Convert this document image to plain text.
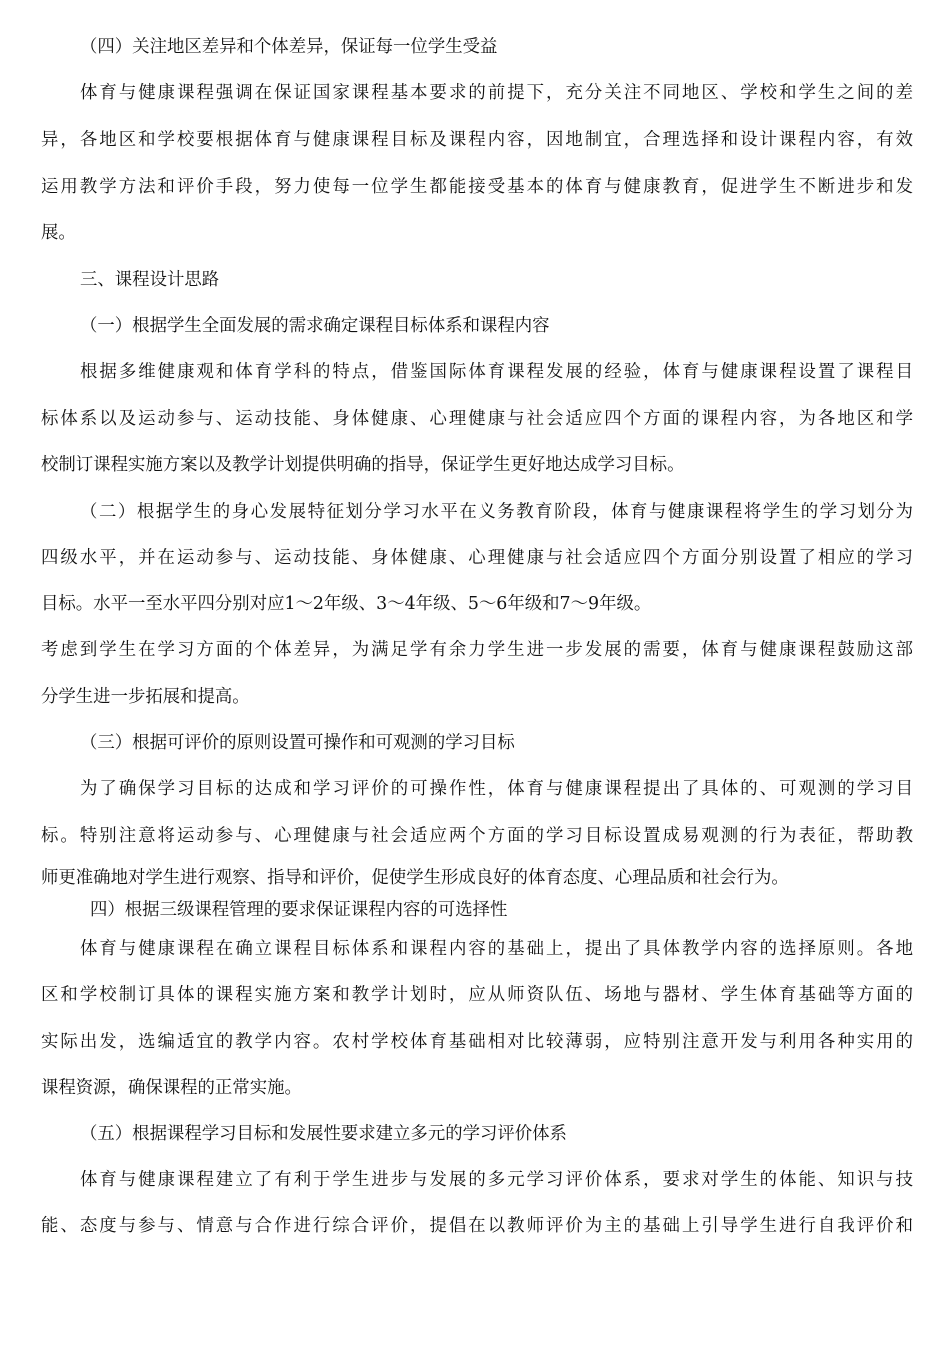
（四）关注地区差异和个体差异，保证每一位学生受益
体育与健康课程强调在保证国家课程基本要求的前提下，充分关注不同地区、学校和学生之间的差
异，各地区和学校要根据体育与健康课程目标及课程内容，因地制宜，合理选择和设计课程内容，有效
运用教学方法和评价手段，努力使每一位学生都能接受基本的体育与健康教育，促进学生不断进步和发
展。
三、课程设计思路
（一）根据学生全面发展的需求确定课程目标体系和课程内容
根据多维健康观和体育学科的特点，借鉴国际体育课程发展的经验，体育与健康课程设置了课程目
标体系以及运动参与、运动技能、身体健康、心理健康与社会适应四个方面的课程内容，为各地区和学
校制订课程实施方案以及教学计划提供明确的指导，保证学生更好地达成学习目标。
（二）根据学生的身心发展特征划分学习水平在义务教育阶段，体育与健康课程将学生的学习划分为
四级水平，并在运动参与、运动技能、身体健康、心理健康与社会适应四个方面分别设置了相应的学习
目标。水平一至水平四分别对应1～2年级、3～4年级、5～6年级和7～9年级。
考虑到学生在学习方面的个体差异，为满足学有余力学生进一步发展的需要，体育与健康课程鼓励这部
分学生进一步拓展和提高。
（三）根据可评价的原则设置可操作和可观测的学习目标
为了确保学习目标的达成和学习评价的可操作性，体育与健康课程提出了具体的、可观测的学习目
标。特别注意将运动参与、心理健康与社会适应两个方面的学习目标设置成易观测的行为表征，帮助教
师更准确地对学生进行观察、指导和评价，促使学生形成良好的体育态度、心理品质和社会行为。
四）根据三级课程管理的要求保证课程内容的可选择性
体育与健康课程在确立课程目标体系和课程内容的基础上，提出了具体教学内容的选择原则。各地
区和学校制订具体的课程实施方案和教学计划时，应从师资队伍、场地与器材、学生体育基础等方面的
实际出发，选编适宜的教学内容。农村学校体育基础相对比较薄弱，应特别注意开发与利用各种实用的
课程资源，确保课程的正常实施。
（五）根据课程学习目标和发展性要求建立多元的学习评价体系
体育与健康课程建立了有利于学生进步与发展的多元学习评价体系，要求对学生的体能、知识与技
能、态度与参与、情意与合作进行综合评价，提倡在以教师评价为主的基础上引导学生进行自我评价和
